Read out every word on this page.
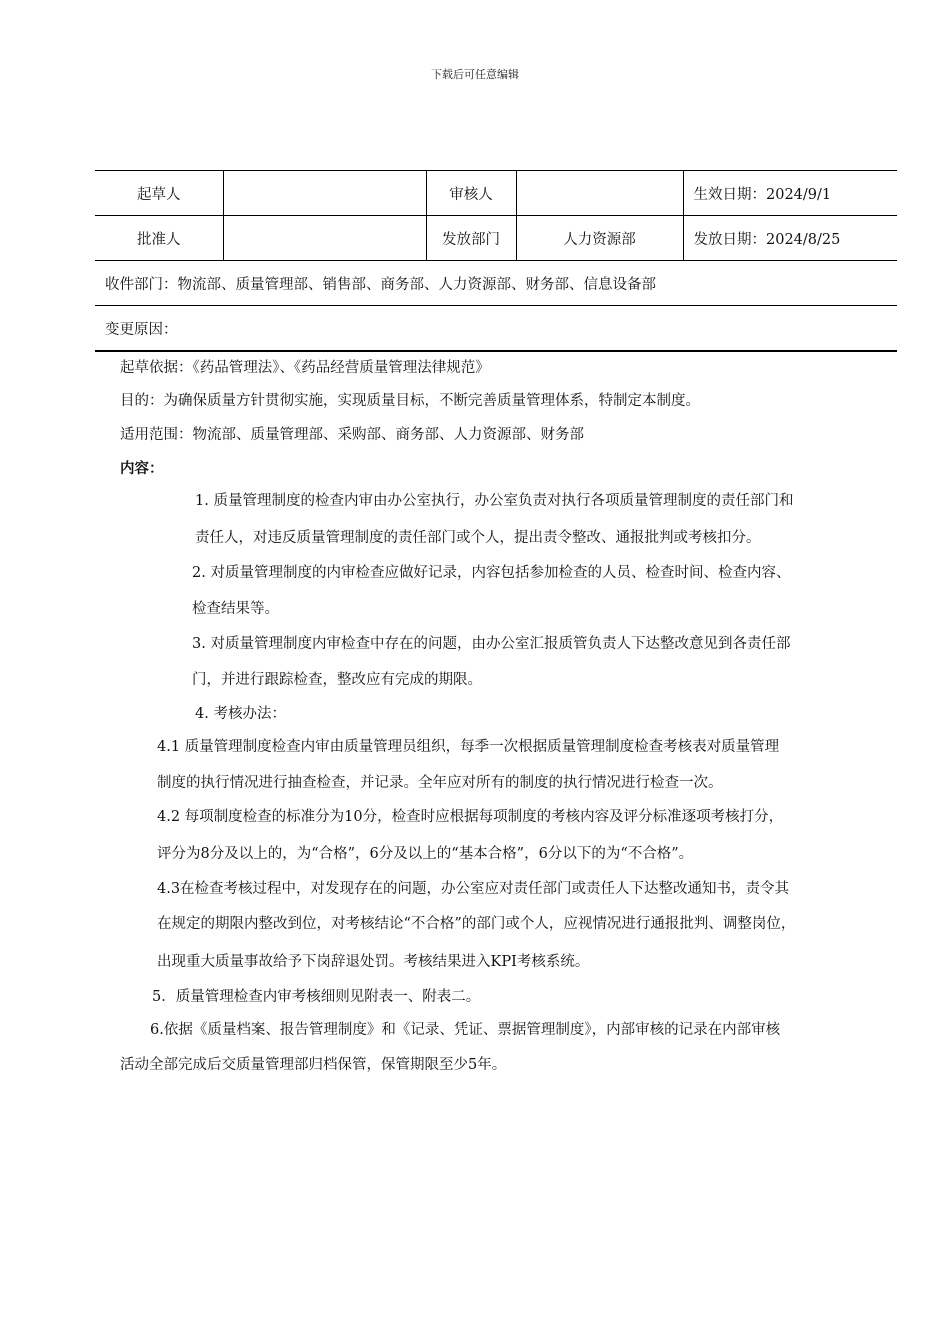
下载后可任意编辑
起草人		审核人		生效日期：2024/9/1
批准人		发放部门	人力资源部	发放日期：2024/8/25
收件部门：物流部、质量管理部、销售部、商务部、人力资源部、财务部、信息设备部				
变更原因：				
起草依据：《药品管理法》、《药品经营质量管理法律规范》
目的：为确保质量方针贯彻实施，实现质量目标，不断完善质量管理体系，特制定本制度。
适用范围：物流部、质量管理部、采购部、商务部、人力资源部、财务部
内容：
1. 质量管理制度的检查内审由办公室执行，办公室负责对执行各项质量管理制度的责任部门和
责任人，对违反质量管理制度的责任部门或个人，提出责令整改、通报批判或考核扣分。
2. 对质量管理制度的内审检查应做好记录，内容包括参加检查的人员、检查时间、检查内容、
检查结果等。
3. 对质量管理制度内审检查中存在的问题，由办公室汇报质管负责人下达整改意见到各责任部
门，并进行跟踪检查，整改应有完成的期限。
4. 考核办法：
4.1 质量管理制度检查内审由质量管理员组织，每季一次根据质量管理制度检查考核表对质量管理
制度的执行情况进行抽查检查，并记录。全年应对所有的制度的执行情况进行检查一次。
4.2 每项制度检查的标准分为10分，检查时应根据每项制度的考核内容及评分标准逐项考核打分，
评分为8分及以上的，为“合格”，6分及以上的“基本合格”，6分以下的为“不合格”。
4.3在检查考核过程中，对发现存在的问题，办公室应对责任部门或责任人下达整改通知书，责令其
在规定的期限内整改到位，对考核结论“不合格”的部门或个人，应视情况进行通报批判、调整岗位，
出现重大质量事故给予下岗辞退处罚。考核结果进入KPI考核系统。
5．质量管理检查内审考核细则见附表一、附表二。
6.依据《质量档案、报告管理制度》和《记录、凭证、票据管理制度》，内部审核的记录在内部审核
活动全部完成后交质量管理部归档保管，保管期限至少5年。
